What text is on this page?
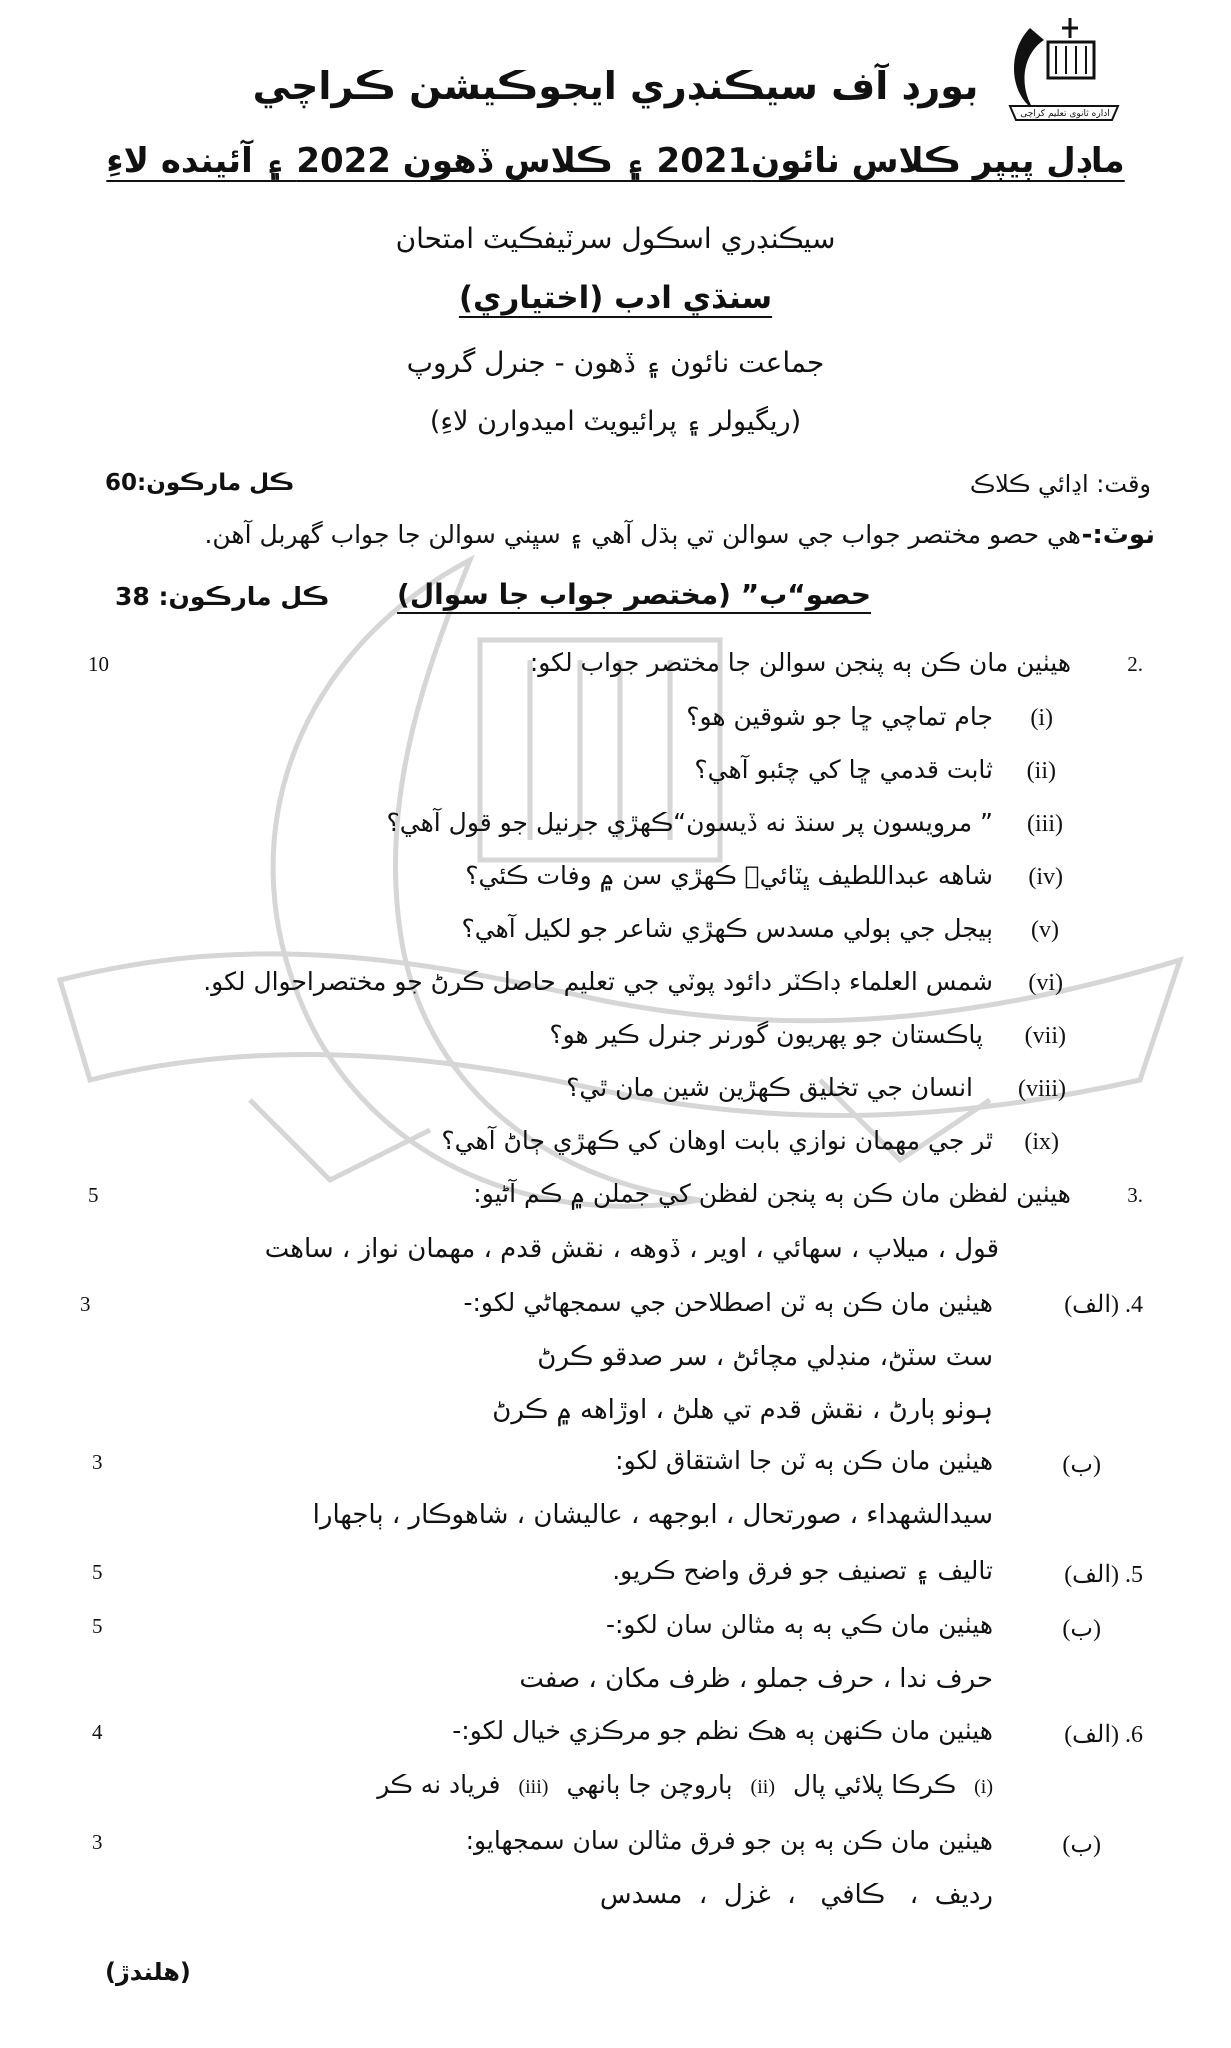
اداره ثانوی تعلیم کراچی
بورڊ آف سيڪنڊري ايجوڪيشن ڪراچي
ماڊل پيپر ڪلاس نائون2021 ۽ ڪلاس ڏهون 2022 ۽ آئينده لاءِ
سيڪنڊري اسڪول سرٽيفڪيٽ امتحان
سنڌي ادب (اختياري)
جماعت نائون ۽ ڏهون - جنرل گروپ
(ريگيولر ۽ پرائيويٽ اميدوارن لاءِ)
وقت: اڍائي ڪلاڪ
ڪل مارڪون:60
نوٽ:-
هي حصو مختصر جواب جي سوالن تي ٻڌل آهي ۽ سڀني سوالن جا جواب گهربل آهن.
حصو“ب” (مختصر جواب جا سوال)
ڪل مارڪون: 38
2.
هيٺين مان ڪن ٻه پنجن سوالن جا مختصر جواب لکو:
10
(i)
جام تماچي ڇا جو شوقين هو؟
(ii)
ثابت قدمي ڇا کي چئبو آهي؟
(iii)
” مرويسون پر سنڌ نه ڏيسون“ڪهڙي جرنيل جو قول آهي؟
(iv)
شاهه عبداللطيف ڀٽائيؒ ڪهڙي سن ۾ وفات ڪئي؟
(v)
ٻيجل جي ٻولي مسدس ڪهڙي شاعر جو لکيل آهي؟
(vi)
شمس العلماء ڊاڪٽر دائود پوٽي جي تعليم حاصل ڪرڻ جو مختصراحوال لکو.
(vii)
پاڪستان جو پهريون گورنر جنرل ڪير هو؟
(viii)
انسان جي تخليق ڪهڙين شين مان ٿي؟
(ix)
ٿر جي مهمان نوازي بابت اوهان کي ڪهڙي ڄاڻ آهي؟
3.
هيٺين لفظن مان ڪن ٻه پنجن لفظن کي جملن ۾ ڪم آڻيو:
5
قول ، ميلاپ ، سهائي ، اوير ، ڏوهه ، نقش قدم ، مهمان نواز ، ساهت
4. (الف)
هيٺين مان ڪن ٻه ٽن اصطلاحن جي سمجهاڻي لکو:-
3
سٽ سٽڻ، منڊلي مچائڻ ، سر صدقو ڪرڻ
ہوٺو ٻارڻ ، نقش قدم تي هلڻ ، اوڙاهه ۾ ڪرڻ
(ب)
هيٺين مان ڪن ٻه ٽن جا اشتقاق لکو:
3
سيدالشهداء ، صورتحال ، ابوجهه ، عاليشان ، شاهوڪار ، ٻاجهارا
5. (الف)
تاليف ۽ تصنيف جو فرق واضح ڪريو.
5
(ب)
هيٺين مان ڪي ٻه ٻه مثالن سان لکو:-
5
حرف ندا ، حرف جملو ، ظرف مکان ، صفت
6. (الف)
هيٺين مان ڪنهن ٻه هڪ نظم جو مرڪزي خيال لکو:-
4
(i)
ڪرڪا پلائي پال
(ii)
ٻاروچن جا ٻانهي
(iii)
فرياد نه ڪر
(ب)
هيٺين مان ڪن ٻه ٻن جو فرق مثالن سان سمجهايو:
3
رديف  ،   ڪافي   ،  غزل  ،  مسدس
(هلندڙ)
